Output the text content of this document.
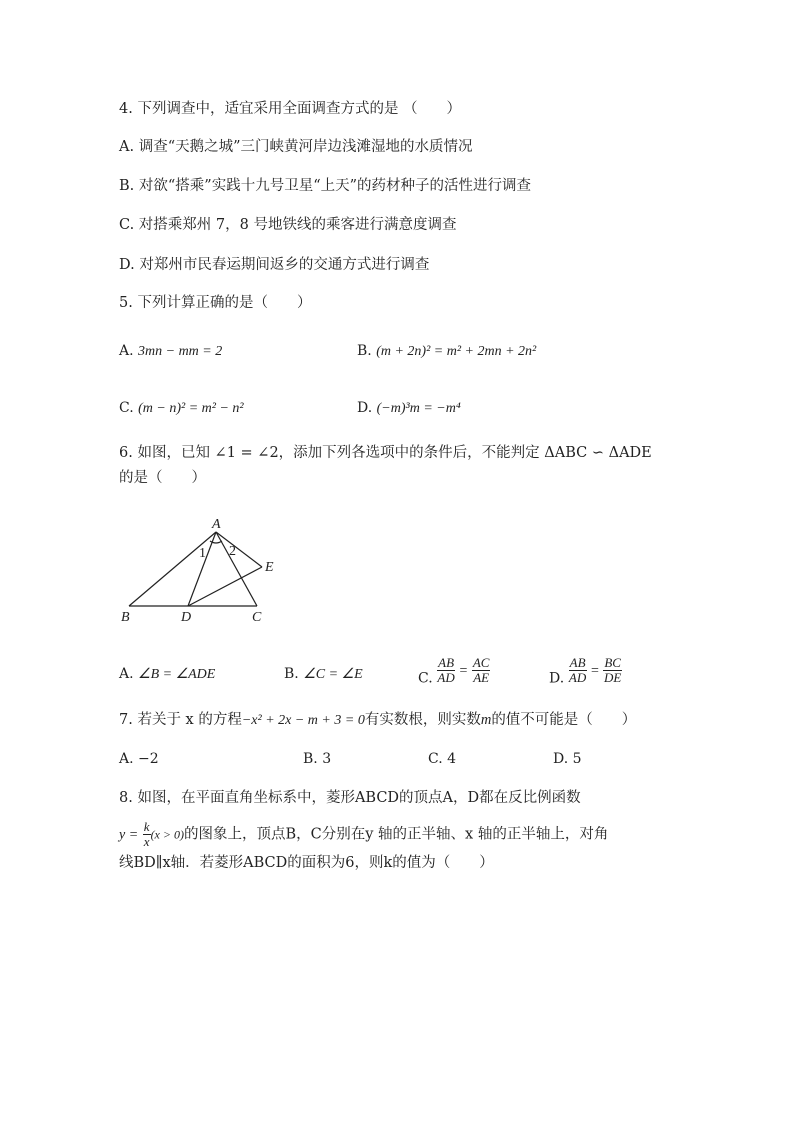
4. 下列调查中，适宜采用全面调查方式的是 （　　）
A. 调查“天鹅之城”三门峡黄河岸边浅滩湿地的水质情况
B. 对欲“搭乘”实践十九号卫星“上天”的药材种子的活性进行调查
C. 对搭乘郑州 7，8 号地铁线的乘客进行满意度调查
D. 对郑州市民春运期间返乡的交通方式进行调查
5. 下列计算正确的是（　　）
A. 3mn − mm = 2	B. (m + 2n)² = m² + 2mn + 2n²
C. (m − n)² = m² − n²	D. (−m)³m = −m⁴
6. 如图，已知 ∠1 = ∠2，添加下列各选项中的条件后，不能判定 ΔABC ∽ ΔADE
的是（　　）
A
B	C
D
E
1 2
A. ∠B = ∠ADE	B. ∠C = ∠E	C. $\frac{AB}{AD} = \frac{AC}{AE}$	D. $\frac{AB}{AD} = \frac{BC}{DE}$
7. 若关于 x 的方程−x² + 2x − m + 3 = 0有实数根，则实数m的值不可能是（　　）
A. −2	B. 3	C. 4	D. 5
8. 如图，在平面直角坐标系中，菱形ABCD的顶点A，D都在反比例函数
$y = \frac{k}{x} (x > 0)$的图象上，顶点B，C分别在y 轴的正半轴、x 轴的正半轴上，对角
线BD∥x轴．若菱形ABCD的面积为6，则k的值为（　　）
